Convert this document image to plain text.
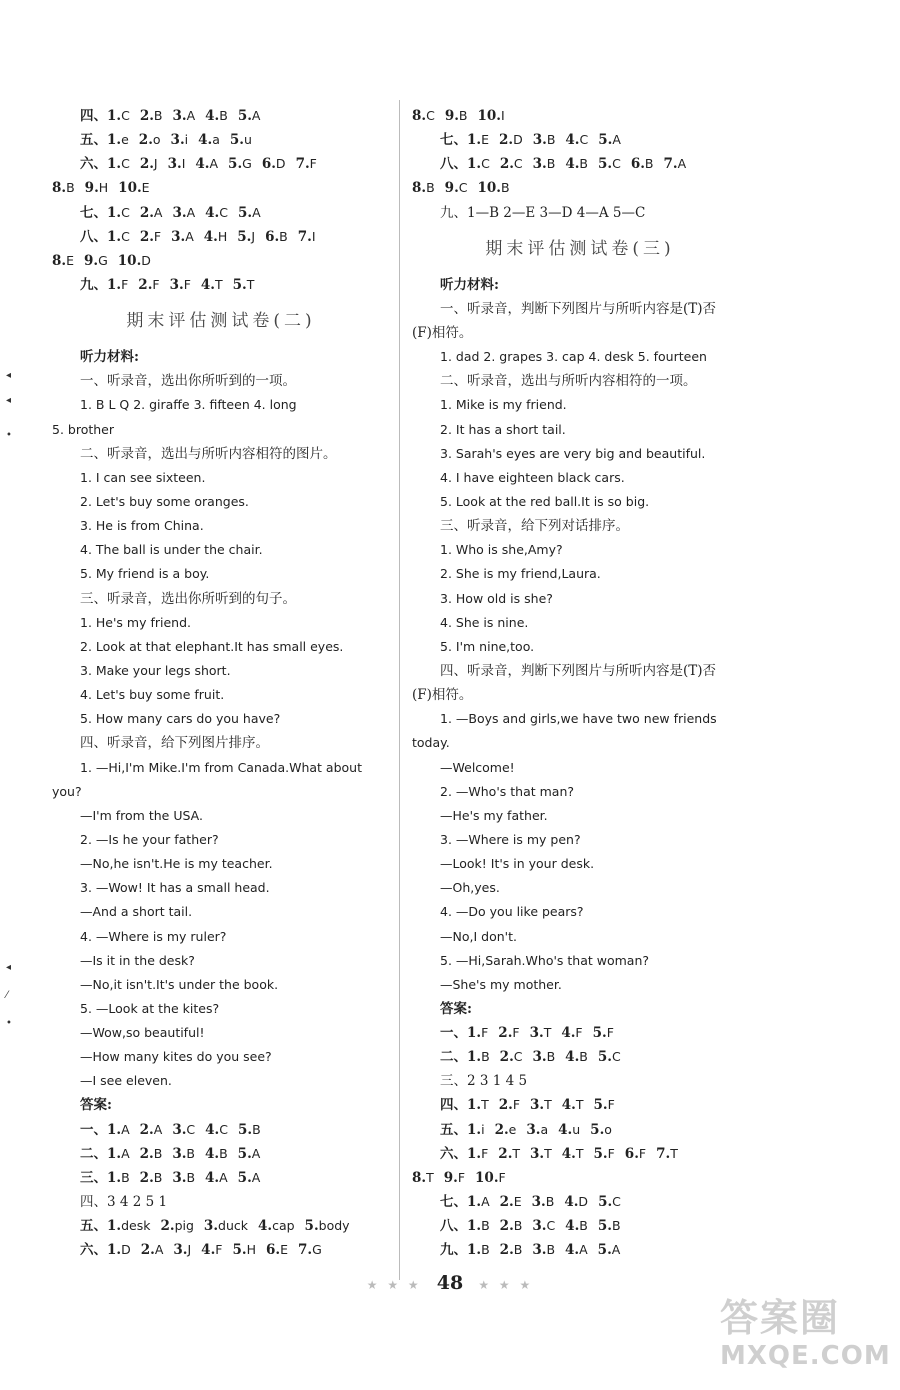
◂
◂
•
◂
⁄
•
四、1.C 2.B 3.A 4.B 5.A
五、1.e 2.o 3.i 4.a 5.u
六、1.C 2.J 3.I 4.A 5.G 6.D 7.F
8.B 9.H 10.E
七、1.C 2.A 3.A 4.C 5.A
八、1.C 2.F 3.A 4.H 5.J 6.B 7.I
8.E 9.G 10.D
九、1.F 2.F 3.F 4.T 5.T
期末评估测试卷(二)
听力材料:
一、听录音，选出你所听到的一项。
1. B L Q 2. giraffe 3. fifteen 4. long
5. brother
二、听录音，选出与所听内容相符的图片。
1. I can see sixteen.
2. Let's buy some oranges.
3. He is from China.
4. The ball is under the chair.
5. My friend is a boy.
三、听录音，选出你所听到的句子。
1. He's my friend.
2. Look at that elephant.It has small eyes.
3. Make your legs short.
4. Let's buy some fruit.
5. How many cars do you have?
四、听录音，给下列图片排序。
1. —Hi,I'm Mike.I'm from Canada.What about
you?
—I'm from the USA.
2. —Is he your father?
—No,he isn't.He is my teacher.
3. —Wow! It has a small head.
—And a short tail.
4. —Where is my ruler?
—Is it in the desk?
—No,it isn't.It's under the book.
5. —Look at the kites?
—Wow,so beautiful!
—How many kites do you see?
—I see eleven.
答案:
一、1.A 2.A 3.C 4.C 5.B
二、1.A 2.B 3.B 4.B 5.A
三、1.B 2.B 3.B 4.A 5.A
四、3 4 2 5 1
五、1.desk 2.pig 3.duck 4.cap 5.body
六、1.D 2.A 3.J 4.F 5.H 6.E 7.G
8.C 9.B 10.I
七、1.E 2.D 3.B 4.C 5.A
八、1.C 2.C 3.B 4.B 5.C 6.B 7.A
8.B 9.C 10.B
九、1—B 2—E 3—D 4—A 5—C
期末评估测试卷(三)
听力材料:
一、听录音，判断下列图片与所听内容是(T)否
(F)相符。
1. dad 2. grapes 3. cap 4. desk 5. fourteen
二、听录音，选出与所听内容相符的一项。
1. Mike is my friend.
2. It has a short tail.
3. Sarah's eyes are very big and beautiful.
4. I have eighteen black cars.
5. Look at the red ball.It is so big.
三、听录音，给下列对话排序。
1. Who is she,Amy?
2. She is my friend,Laura.
3. How old is she?
4. She is nine.
5. I'm nine,too.
四、听录音，判断下列图片与所听内容是(T)否
(F)相符。
1. —Boys and girls,we have two new friends
today.
—Welcome!
2. —Who's that man?
—He's my father.
3. —Where is my pen?
—Look! It's in your desk.
—Oh,yes.
4. —Do you like pears?
—No,I don't.
5. —Hi,Sarah.Who's that woman?
—She's my mother.
答案:
一、1.F 2.F 3.T 4.F 5.F
二、1.B 2.C 3.B 4.B 5.C
三、2 3 1 4 5
四、1.T 2.F 3.T 4.T 5.F
五、1.i 2.e 3.a 4.u 5.o
六、1.F 2.T 3.T 4.T 5.F 6.F 7.T
8.T 9.F 10.F
七、1.A 2.E 3.B 4.D 5.C
八、1.B 2.B 3.C 4.B 5.B
九、1.B 2.B 3.B 4.A 5.A
★ ★ ★ 48 ★ ★ ★
答案圈
MXQE.COM
